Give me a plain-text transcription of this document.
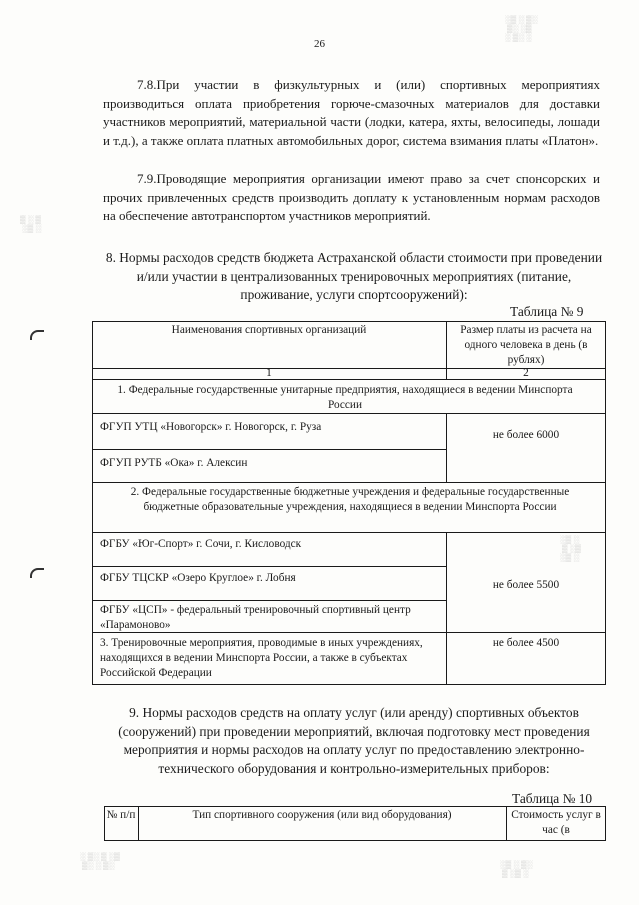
26
7.8.При участии в физкультурных и (или) спортивных мероприятиях производиться оплата приобретения горюче-смазочных материалов для доставки участников мероприятий, материальной части (лодки, катера, яхты, велосипеды, лошади и т.д.), а также оплата платных автомобильных дорог, система взимания платы «Платон».
7.9.Проводящие мероприятия организации имеют право за счет спонсорских и прочих привлеченных средств производить доплату к установленным нормам расходов на обеспечение автотранспортом участников мероприятий.
8. Нормы расходов средств бюджета Астраханской области стоимости при проведении и/или участии в централизованных тренировочных мероприятиях (питание, проживание, услуги спортсооружений):
Таблица № 9
Наименования спортивных организаций	Размер платы из расчета на одного человека в день (в рублях)
1	2
1. Федеральные государственные унитарные предприятия, находящиеся в ведении Минспорта России
ФГУП УТЦ «Новогорск» г. Новогорск, г. Руза
ФГУП РУТБ «Ока» г. Алексин
не более 6000
2. Федеральные государственные бюджетные учреждения и федеральные государственные бюджетные образовательные учреждения, находящиеся в ведении Минспорта России
ФГБУ «Юг-Спорт» г. Сочи, г. Кисловодск
ФГБУ ТЦСКР «Озеро Круглое» г. Лобня
ФГБУ «ЦСП» - федеральный тренировочный спортивный центр «Парамоново»
не более 5500
3. Тренировочные мероприятия, проводимые в иных учреждениях, находящихся в ведении Минспорта России, а также в субъектах Российской Федерации
не более 4500
9. Нормы расходов средств на оплату услуг (или аренду) спортивных объектов (сооружений) при проведении мероприятий, включая подготовку мест проведения мероприятия и нормы расходов на оплату услуг по предоставлению электронно-технического оборудования и контрольно-измерительных приборов:
Таблица № 10
№ п/п	Тип спортивного сооружения (или вид оборудования)	Стоимость услуг в час (в
░▒ ░ ▒░
▒░ ░▒
░ ▒░ ░
▒ ░ ▒
░▒ ░
░▒ ░
▒ ░▒
░▒ ░
░ ▒░ ▒ ░▒
▒░ ░ ▒░	░▒ ░ ▒░
▒ ░▒ ░
